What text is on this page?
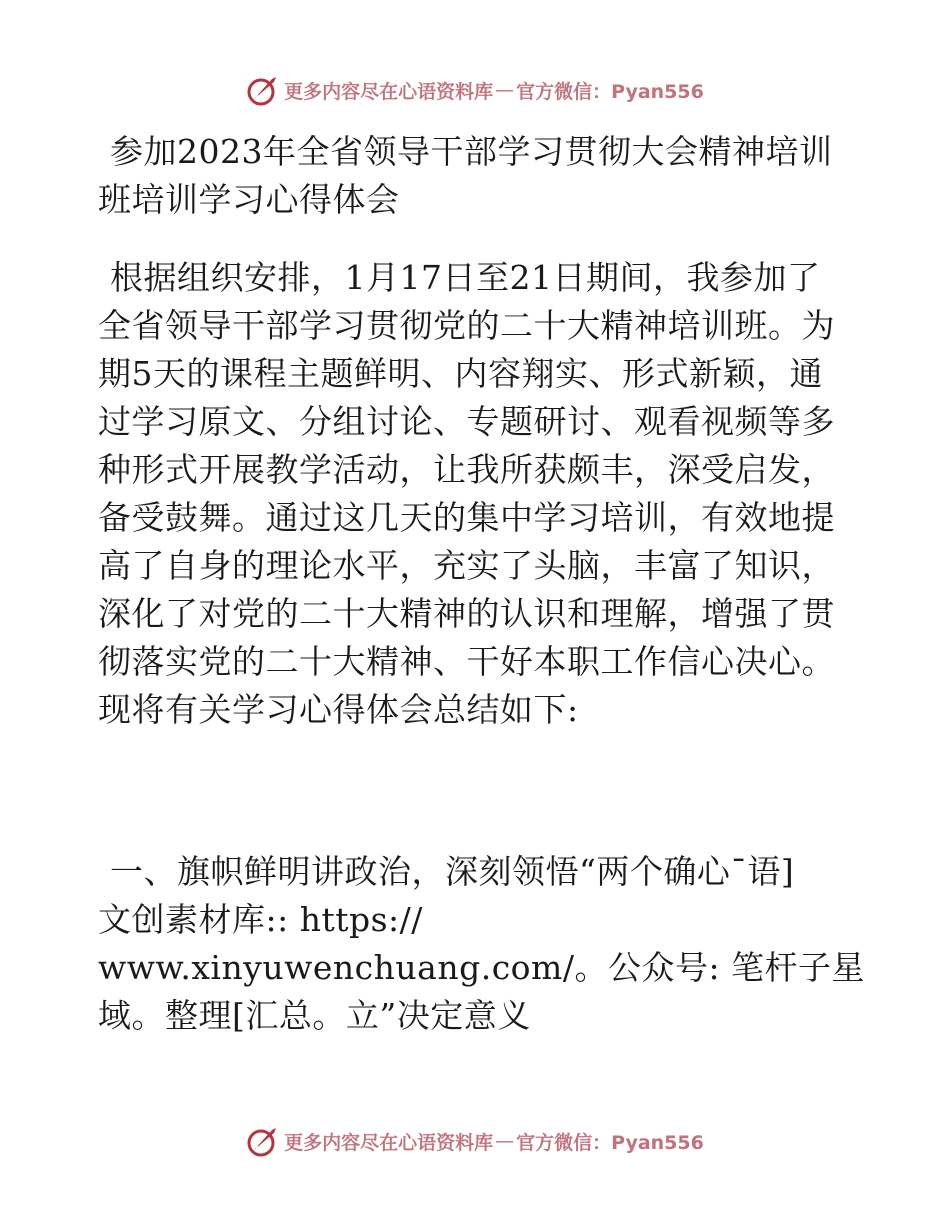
更多内容尽在心语资料库 — 官方微信：Pyan556
参加2023年全省领导干部学习贯彻大会精神培训
班培训学习心得体会
根据组织安排，1月17日至21日期间，我参加了
全省领导干部学习贯彻党的二十大精神培训班。为
期5天的课程主题鲜明、内容翔实、形式新颖，通
过学习原文、分组讨论、专题研讨、观看视频等多
种形式开展教学活动，让我所获颇丰，深受启发，
备受鼓舞。通过这几天的集中学习培训，有效地提
高了自身的理论水平，充实了头脑，丰富了知识，
深化了对党的二十大精神的认识和理解，增强了贯
彻落实党的二十大精神、干好本职工作信心决心。
现将有关学习心得体会总结如下:
一、旗帜鲜明讲政治，深刻领悟“两个确心¯语]
文创素材库:: https://
www.xinyuwenchuang.com/。公众号: 笔杆子星
域。整理[汇总。立”决定意义
更多内容尽在心语资料库 — 官方微信：Pyan556
